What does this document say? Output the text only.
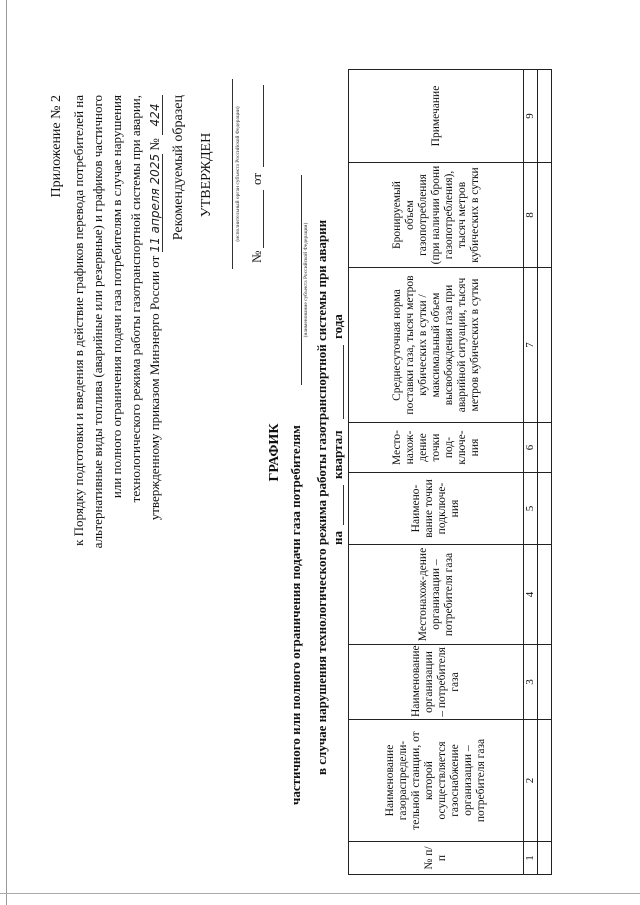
Приложение № 2 к Порядку подготовки и введения в действие графиков перевода потребителей на альтернативные виды топлива (аварийные или резервные) и графиков частичного или полного ограничения подачи газа потребителям в случае нарушения технологического режима работы газотранспортной системы при аварии, утвержденному приказом Минэнерго России от 11 апреля 2025 № 424 Рекомендуемый образец УТВЕРЖДЕН	(исполнительный орган субъекта Российской Федерации)
№
от
ГРАФИК частичного или полного ограничения подачи газа потребителям
(наименование субъекта Российской Федерации) в случае нарушения технологического режима работы газотранспортной системы при аварии на
квартал
года
№ п/п	Наименование газораспредели-тельной станции, от которой осуществляется газоснабжение организации – потребителя газа	Наименование организации – потребителя газа	Местонахож-дение организации – потребителя газа	Наимено-вание точки подключе-ния	Место-нахож-дение точки под-ключе-ния	Среднесуточная норма поставки газа, тысяч метров кубических в сутки / максимальный объем высвобождения газа при аварийной ситуации, тысяч метров кубических в сутки	Бронируемый объем газопотребления (при наличии брони газопотребления), тысяч метров кубических в сутки	Примечание
1	2	3	4	5	6	7	8	9
